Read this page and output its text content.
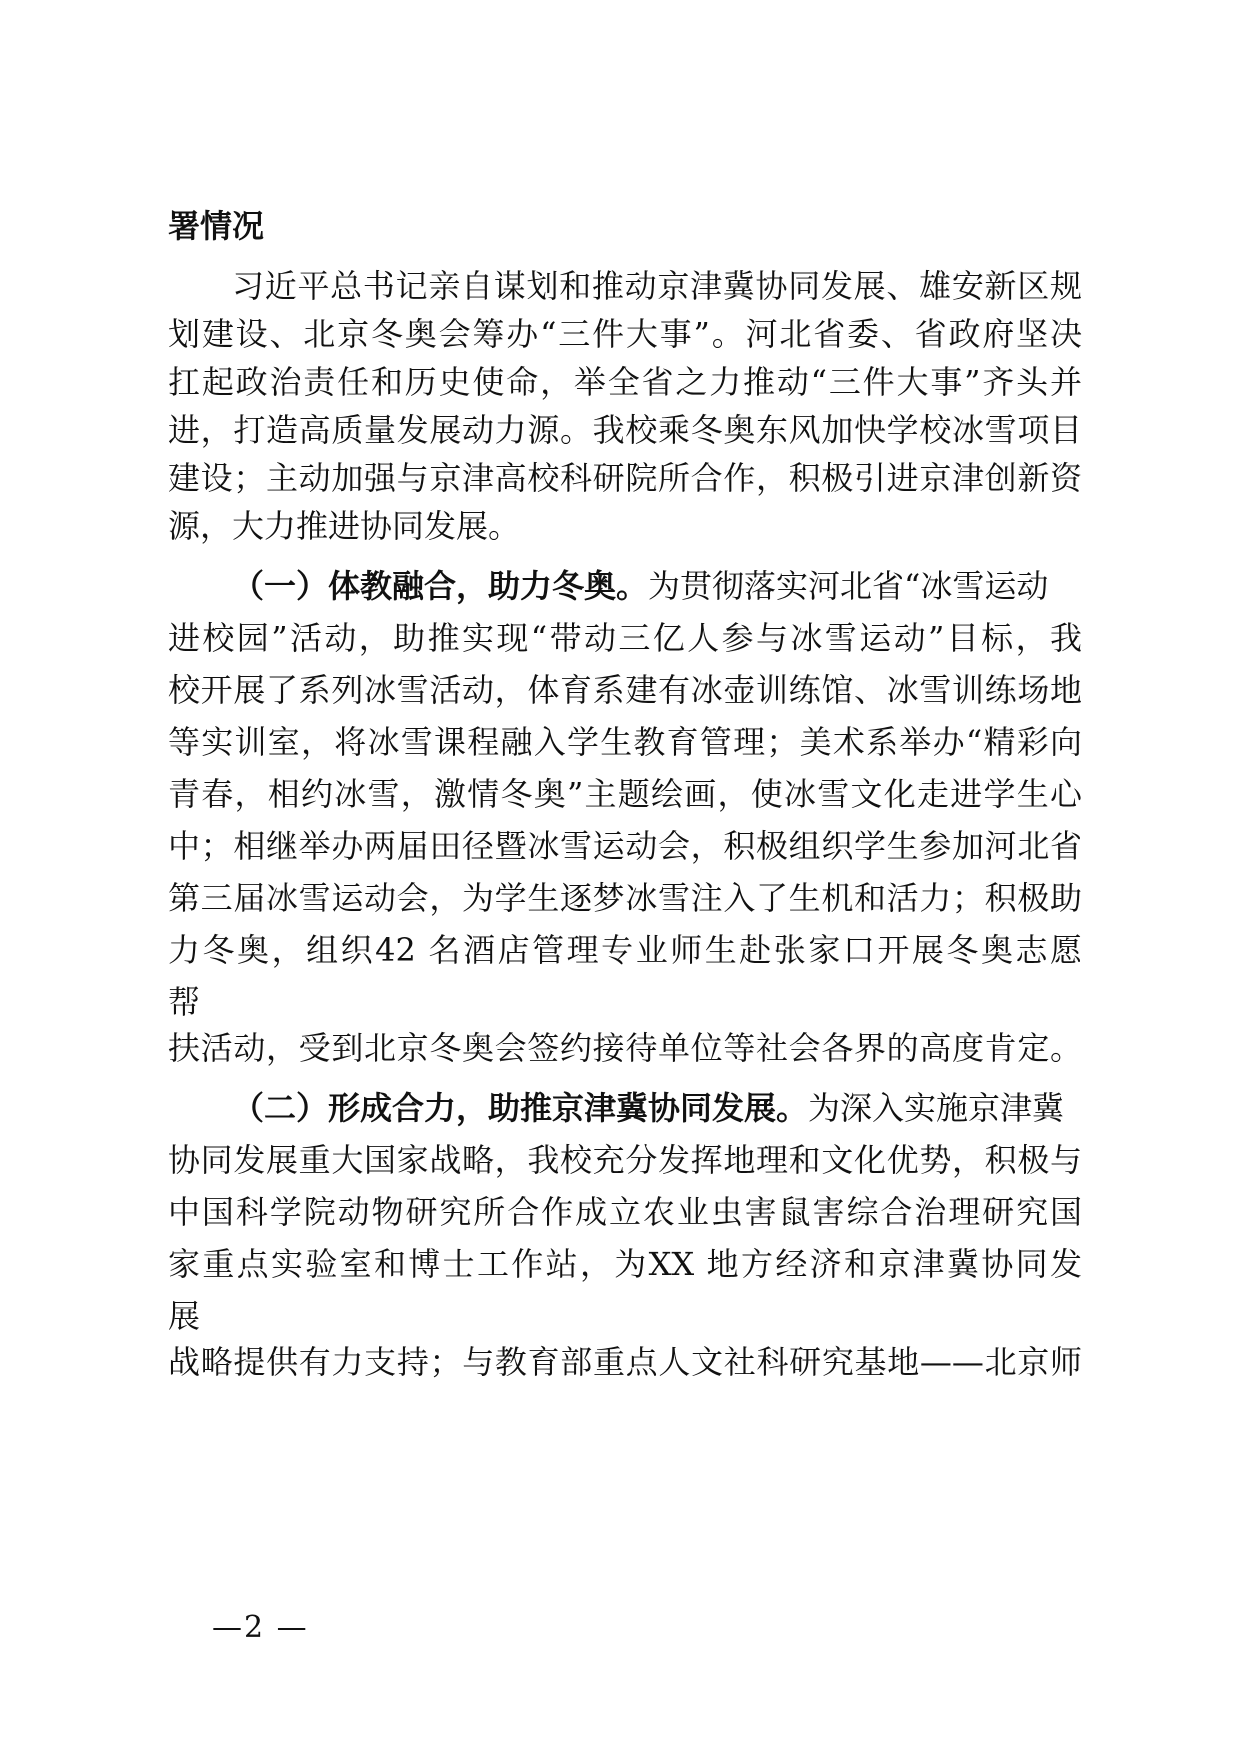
署情况
习近平总书记亲自谋划和推动京津冀协同发展、雄安新区规
划建设、北京冬奥会筹办“三件大事”。河北省委、省政府坚决
扛起政治责任和历史使命，举全省之力推动“三件大事”齐头并
进，打造高质量发展动力源。我校乘冬奥东风加快学校冰雪项目
建设；主动加强与京津高校科研院所合作，积极引进京津创新资
源，大力推进协同发展。
（一）体教融合，助力冬奥。为贯彻落实河北省“冰雪运动
进校园”活动，助推实现“带动三亿人参与冰雪运动”目标，我
校开展了系列冰雪活动，体育系建有冰壶训练馆、冰雪训练场地
等实训室，将冰雪课程融入学生教育管理；美术系举办“精彩向
青春，相约冰雪，激情冬奥”主题绘画，使冰雪文化走进学生心
中；相继举办两届田径暨冰雪运动会，积极组织学生参加河北省
第三届冰雪运动会，为学生逐梦冰雪注入了生机和活力；积极助
力冬奥，组织42 名酒店管理专业师生赴张家口开展冬奥志愿
帮
扶活动，受到北京冬奥会签约接待单位等社会各界的高度肯定。
（二）形成合力，助推京津冀协同发展。为深入实施京津冀
协同发展重大国家战略，我校充分发挥地理和文化优势，积极与
中国科学院动物研究所合作成立农业虫害鼠害综合治理研究国
家重点实验室和博士工作站，为XX 地方经济和京津冀协同发
展
战略提供有力支持；与教育部重点人文社科研究基地——北京师
—2 —
